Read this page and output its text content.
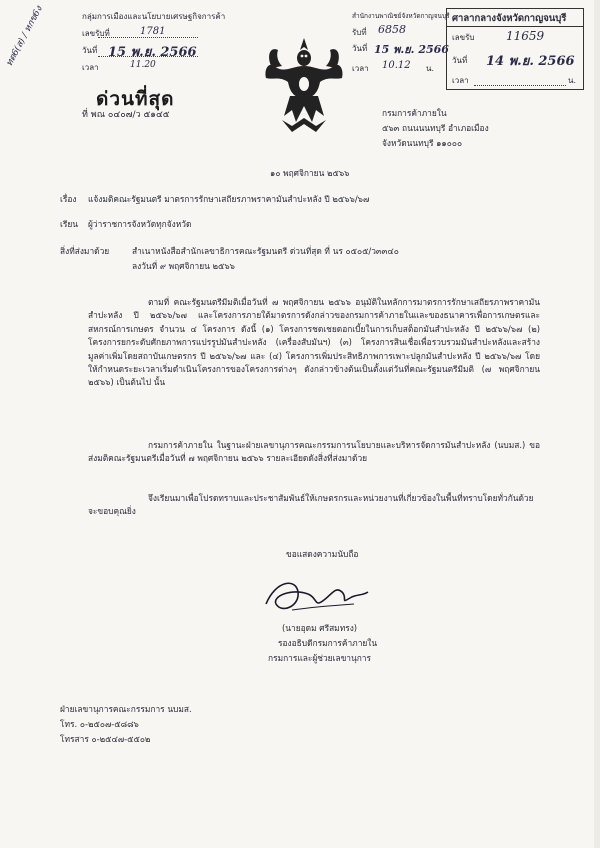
ทต6(ส) / หกข6ง	กลุ่มการเมืองและนโยบายเศรษฐกิจการค้า
เลขรับที่	1781
วันที่ 15 พ.ย. 2566
เวลา	11.20
ด่วนที่สุด
ที่ พณ ๐๔๐๗/ว ๕๑๔๕
สำนักงานพาณิชย์จังหวัดกาญจนบุรี
รับที่ 6858
วันที่ 15 พ.ย. 2566
เวลา 10.12 น.
ศาลากลางจังหวัดกาญจนบุรี
เลขรับ	11659
วันที่ 14 พ.ย. 2566
เวลา	น.
กรมการค้าภายใน
๕๖๓ ถนนนนทบุรี อำเภอเมือง
จังหวัดนนทบุรี ๑๑๐๐๐
๑๐ พฤศจิกายน ๒๕๖๖
เรื่อง แจ้งมติคณะรัฐมนตรี มาตรการรักษาเสถียรภาพราคามันสำปะหลัง ปี ๒๕๖๖/๖๗
เรียน ผู้ว่าราชการจังหวัดทุกจังหวัด
สิ่งที่ส่งมาด้วย	สำเนาหนังสือสำนักเลขาธิการคณะรัฐมนตรี ด่วนที่สุด ที่ นร ๐๕๐๕/ว๓๓๔๐
ลงวันที่ ๙ พฤศจิกายน ๒๕๖๖
ตามที่ คณะรัฐมนตรีมีมติเมื่อวันที่ ๗ พฤศจิกายน ๒๕๖๖ อนุมัติในหลักการมาตรการรักษาเสถียรภาพราคามันสำปะหลัง ปี ๒๕๖๖/๖๗ และโครงการภายใต้มาตรการดังกล่าวของกรมการค้าภายในและของธนาคารเพื่อการเกษตรและสหกรณ์การเกษตร จำนวน ๔ โครงการ ดังนี้ (๑) โครงการชดเชยดอกเบี้ยในการเก็บสต็อกมันสำปะหลัง ปี ๒๕๖๖/๖๗ (๒) โครงการยกระดับศักยภาพการแปรรูปมันสำปะหลัง (เครื่องสับมันฯ) (๓) โครงการสินเชื่อเพื่อรวบรวมมันสำปะหลังและสร้างมูลค่าเพิ่มโดยสถาบันเกษตรกร ปี ๒๕๖๖/๖๗ และ (๔) โครงการเพิ่มประสิทธิภาพการเพาะปลูกมันสำปะหลัง ปี ๒๕๖๖/๖๗ โดยให้กำหนดระยะเวลาเริ่มดำเนินโครงการของโครงการต่างๆ ดังกล่าวข้างต้นเป็นตั้งแต่วันที่คณะรัฐมนตรีมีมติ (๗ พฤศจิกายน ๒๕๖๖) เป็นต้นไป นั้น
กรมการค้าภายใน ในฐานะฝ่ายเลขานุการคณะกรรมการนโยบายและบริหารจัดการมันสำปะหลัง (นบมส.) ขอส่งมติคณะรัฐมนตรีเมื่อวันที่ ๗ พฤศจิกายน ๒๕๖๖ รายละเอียดดังสิ่งที่ส่งมาด้วย
จึงเรียนมาเพื่อโปรดทราบและประชาสัมพันธ์ให้เกษตรกรและหน่วยงานที่เกี่ยวข้องในพื้นที่ทราบโดยทั่วกันด้วย จะขอบคุณยิ่ง
ขอแสดงความนับถือ
(นายอุดม ศรีสมทรง)
รองอธิบดีกรมการค้าภายใน
กรมการและผู้ช่วยเลขานุการ
ฝ่ายเลขานุการคณะกรรมการ นบมส.
โทร. ๐-๒๕๐๗-๕๘๘๖
โทรสาร ๐-๒๕๔๗-๕๕๐๒
